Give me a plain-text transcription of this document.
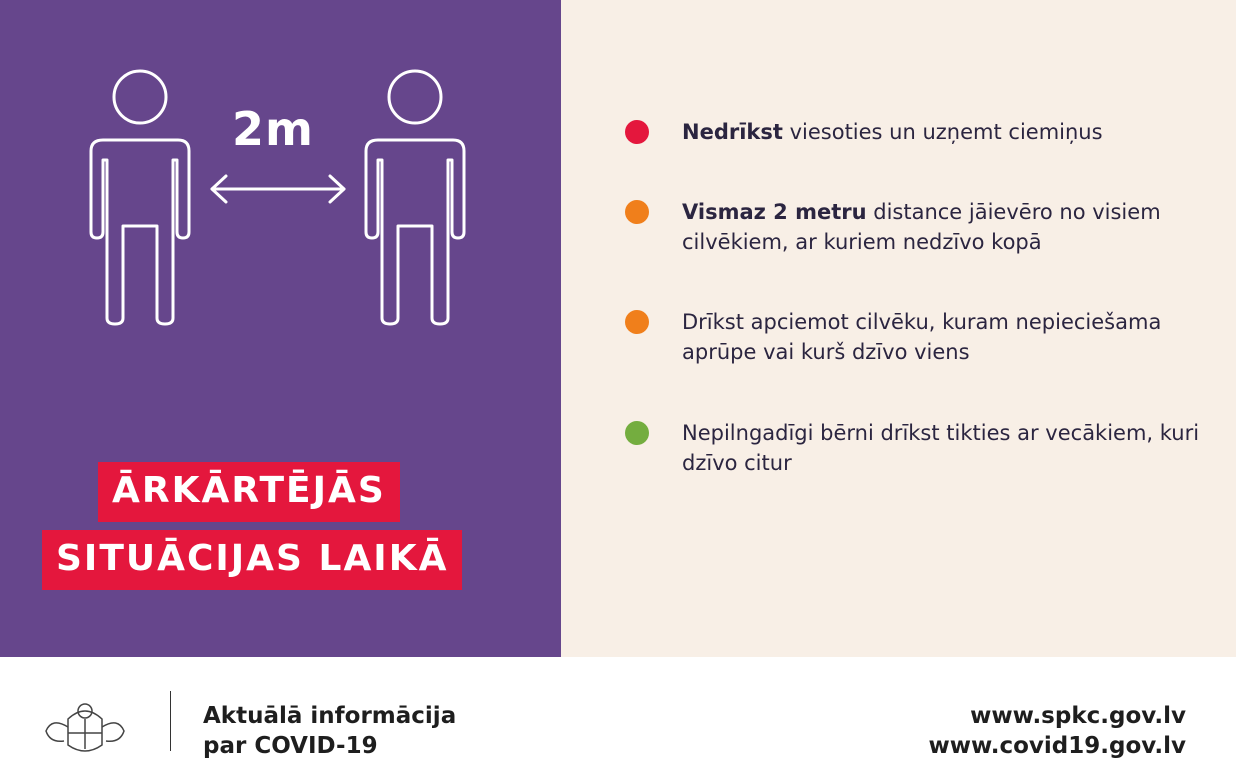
2m
ĀRKĀRTĒJĀS
SITUĀCIJAS LAIKĀ
Nedrīkst viesoties un uzņemt ciemiņus
Vismaz 2 metru distance jāievēro no visiem cilvēkiem, ar kuriem nedzīvo kopā
Drīkst apciemot cilvēku, kuram nepieciešama aprūpe vai kurš dzīvo viens
Nepilngadīgi bērni drīkst tikties ar vecākiem, kuri dzīvo citur
Aktuālā informācija
par COVID-19
www.spkc.gov.lv
www.covid19.gov.lv
